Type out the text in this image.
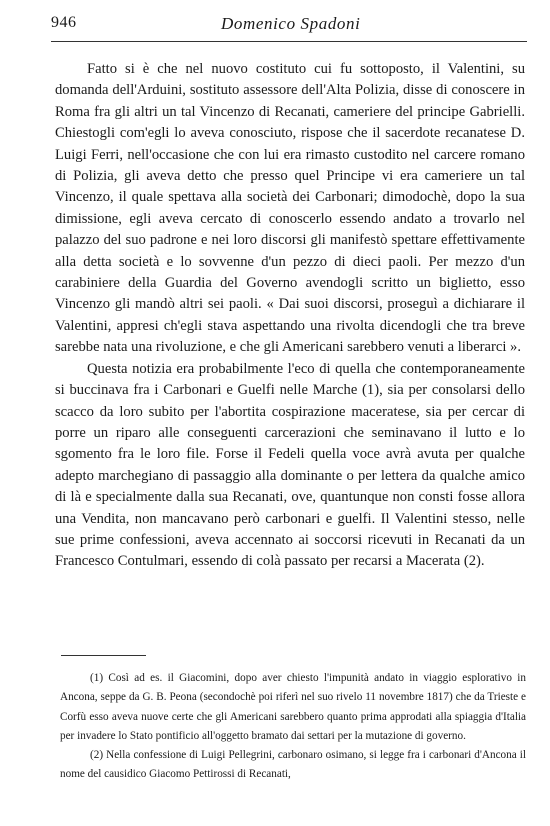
946	Domenico Spadoni

Fatto si è che nel nuovo costituto cui fu sottoposto, il Valentini, su domanda dell'Arduini, sostituto assessore dell'Alta Polizia, disse di conoscere in Roma fra gli altri un tal Vincenzo di Recanati, cameriere del principe Gabrielli. Chiestogli com'egli lo aveva conosciuto, rispose che il sacerdote recanatese D. Luigi Ferri, nell'occasione che con lui era rimasto custodito nel carcere romano di Polizia, gli aveva detto che presso quel Principe vi era cameriere un tal Vincenzo, il quale spettava alla società dei Carbonari; dimodochè, dopo la sua dimissione, egli aveva cercato di conoscerlo essendo andato a trovarlo nel palazzo del suo padrone e nei loro discorsi gli manifestò spettare effettivamente alla detta società e lo sovvenne d'un pezzo di dieci paoli. Per mezzo d'un carabiniere della Guardia del Governo avendogli scritto un biglietto, esso Vincenzo gli mandò altri sei paoli. « Dai suoi discorsi, proseguì a dichiarare il Valentini, appresi ch'egli stava aspettando una rivolta dicendogli che tra breve sarebbe nata una rivoluzione, e che gli Americani sarebbero venuti a liberarci ».

Questa notizia era probabilmente l'eco di quella che contemporaneamente si buccinava fra i Carbonari e Guelfi nelle Marche (1), sia per consolarsi dello scacco da loro subito per l'abortita cospirazione maceratese, sia per cercar di porre un riparo alle conseguenti carcerazioni che seminavano il lutto e lo sgomento fra le loro file. Forse il Fedeli quella voce avrà avuta per qualche adepto marchegiano di passaggio alla dominante o per lettera da qualche amico di là e specialmente dalla sua Recanati, ove, quantunque non consti fosse allora una Vendita, non mancavano però carbonari e guelfi. Il Valentini stesso, nelle sue prime confessioni, aveva accennato ai soccorsi ricevuti in Recanati da un Francesco Contulmari, essendo di colà passato per recarsi a Macerata (2).

(1) Così ad es. il Giacomini, dopo aver chiesto l'impunità andato in viaggio esplorativo in Ancona, seppe da G. B. Peona (secondochè poi riferì nel suo rivelo 11 novembre 1817) che da Trieste e Corfù esso aveva nuove certe che gli Americani sarebbero quanto prima approdati alla spiaggia d'Italia per invadere lo Stato pontificio all'oggetto bramato dai settari per la mutazione di governo.

(2) Nella confessione di Luigi Pellegrini, carbonaro osimano, si legge fra i carbonari d'Ancona il nome del causidico Giacomo Pettirossi di Recanati,
